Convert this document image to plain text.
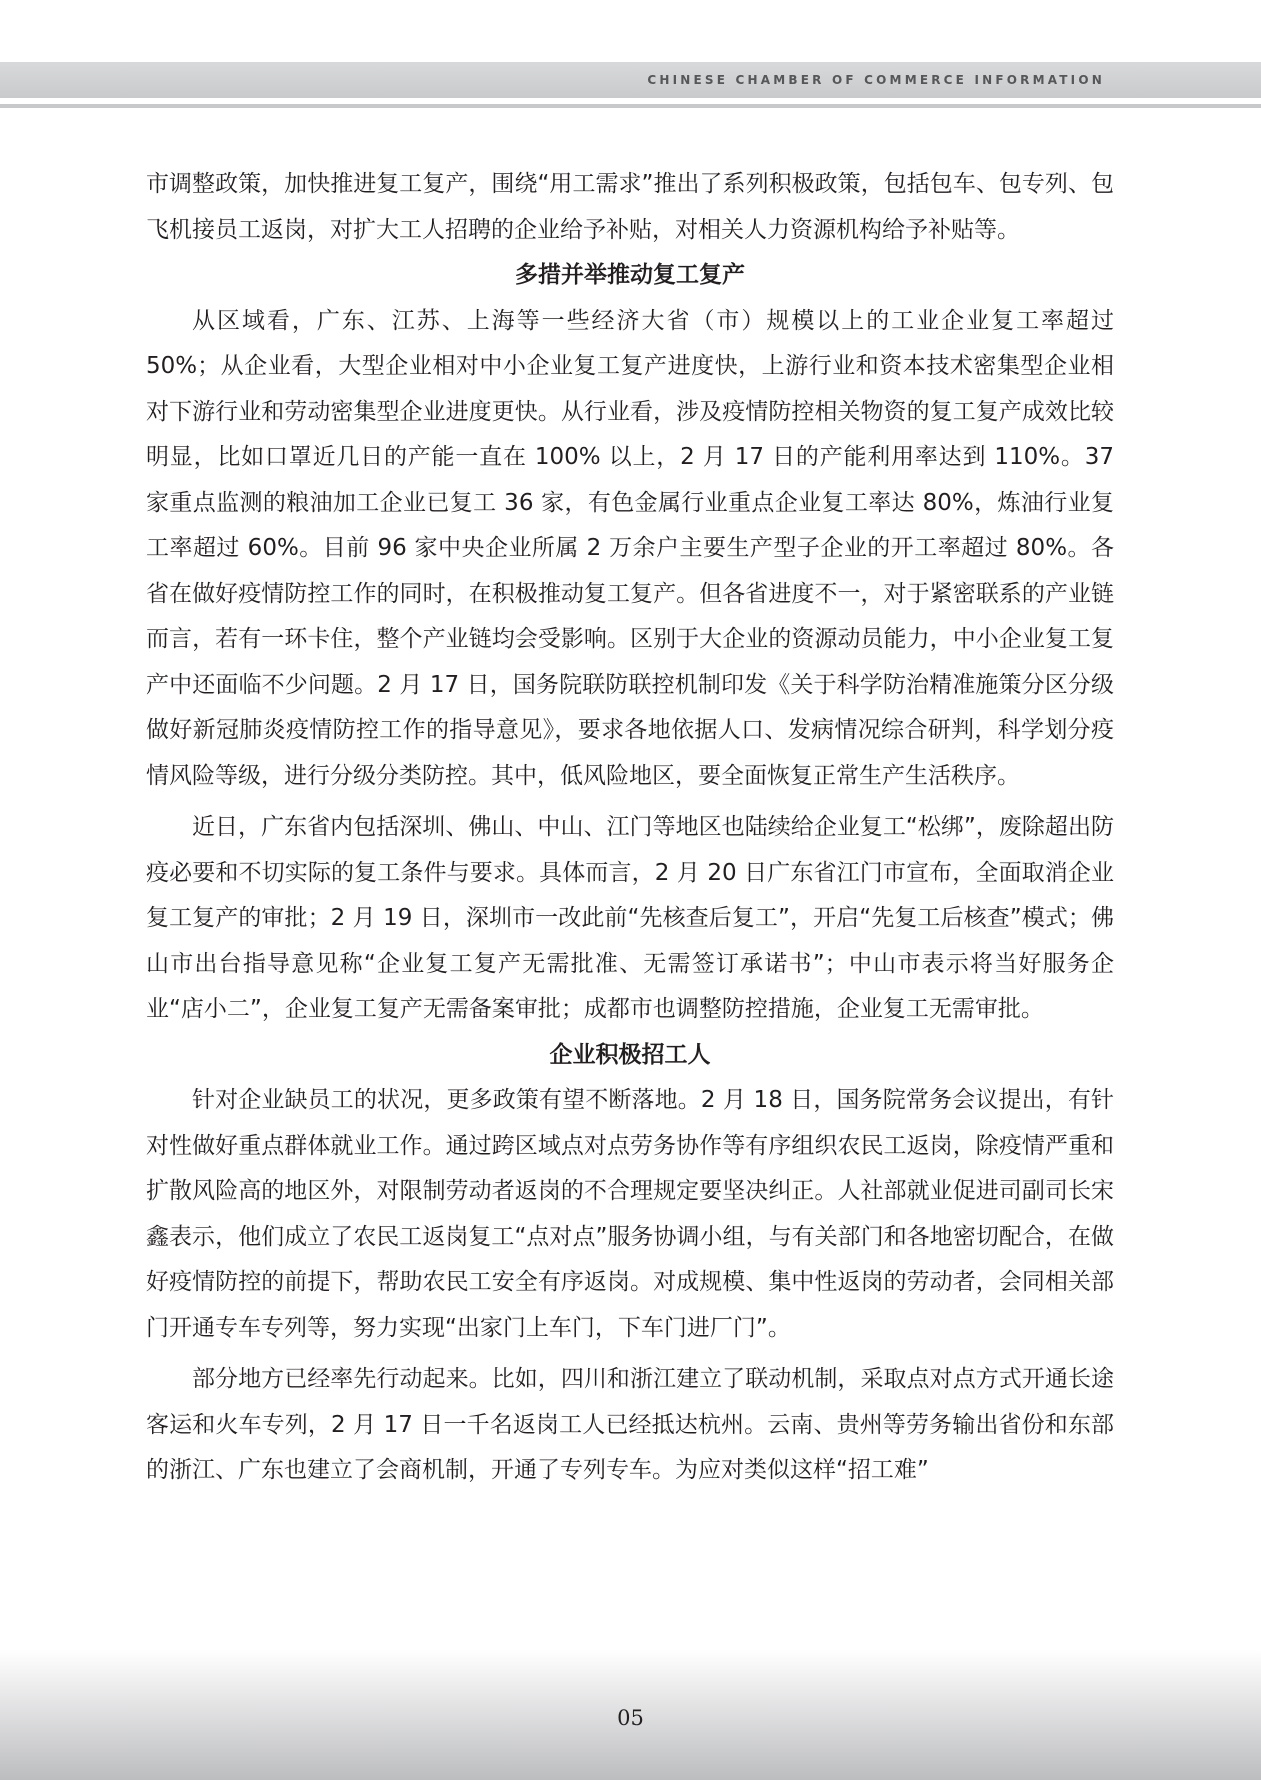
CHINESE CHAMBER OF COMMERCE INFORMATION

市调整政策，加快推进复工复产，围绕“用工需求”推出了系列积极政策，包括包车、包专列、包飞机接员工返岗，对扩大工人招聘的企业给予补贴，对相关人力资源机构给予补贴等。

多措并举推动复工复产

从区域看，广东、江苏、上海等一些经济大省（市）规模以上的工业企业复工率超过50%；从企业看，大型企业相对中小企业复工复产进度快，上游行业和资本技术密集型企业相对下游行业和劳动密集型企业进度更快。从行业看，涉及疫情防控相关物资的复工复产成效比较明显，比如口罩近几日的产能一直在 100% 以上，2 月 17 日的产能利用率达到 110%。37 家重点监测的粮油加工企业已复工 36 家，有色金属行业重点企业复工率达 80%，炼油行业复工率超过 60%。目前 96 家中央企业所属 2 万余户主要生产型子企业的开工率超过 80%。各省在做好疫情防控工作的同时，在积极推动复工复产。但各省进度不一，对于紧密联系的产业链而言，若有一环卡住，整个产业链均会受影响。区别于大企业的资源动员能力，中小企业复工复产中还面临不少问题。2 月 17 日，国务院联防联控机制印发《关于科学防治精准施策分区分级做好新冠肺炎疫情防控工作的指导意见》，要求各地依据人口、发病情况综合研判，科学划分疫情风险等级，进行分级分类防控。其中，低风险地区，要全面恢复正常生产生活秩序。

近日，广东省内包括深圳、佛山、中山、江门等地区也陆续给企业复工“松绑”，废除超出防疫必要和不切实际的复工条件与要求。具体而言，2 月 20 日广东省江门市宣布，全面取消企业复工复产的审批；2 月 19 日，深圳市一改此前“先核查后复工”，开启“先复工后核查”模式；佛山市出台指导意见称“企业复工复产无需批准、无需签订承诺书”；中山市表示将当好服务企业“店小二”，企业复工复产无需备案审批；成都市也调整防控措施，企业复工无需审批。

企业积极招工人

针对企业缺员工的状况，更多政策有望不断落地。2 月 18 日，国务院常务会议提出，有针对性做好重点群体就业工作。通过跨区域点对点劳务协作等有序组织农民工返岗，除疫情严重和扩散风险高的地区外，对限制劳动者返岗的不合理规定要坚决纠正。人社部就业促进司副司长宋鑫表示，他们成立了农民工返岗复工“点对点”服务协调小组，与有关部门和各地密切配合，在做好疫情防控的前提下，帮助农民工安全有序返岗。对成规模、集中性返岗的劳动者，会同相关部门开通专车专列等，努力实现“出家门上车门，下车门进厂门”。

部分地方已经率先行动起来。比如，四川和浙江建立了联动机制，采取点对点方式开通长途客运和火车专列，2 月 17 日一千名返岗工人已经抵达杭州。云南、贵州等劳务输出省份和东部的浙江、广东也建立了会商机制，开通了专列专车。为应对类似这样“招工难”

05
